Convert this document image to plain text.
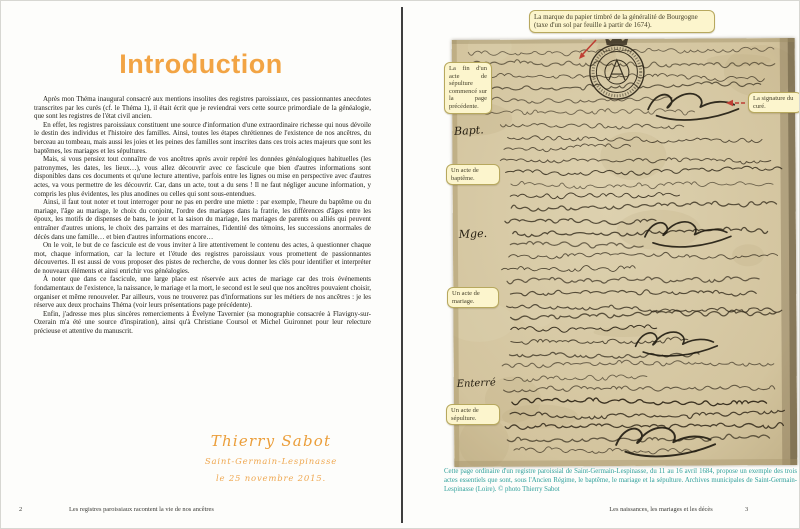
Introduction

Après mon Théma inaugural consacré aux mentions insolites des registres paroissiaux, ces passionnantes anecdotes transcrites par les curés (cf. le Théma 1), il était écrit que je reviendrai vers cette source primordiale de la généalogie, que sont les registres de l'état civil ancien.

En effet, les registres paroissiaux constituent une source d'information d'une extraordinaire richesse qui nous dévoile le destin des individus et l'histoire des familles. Ainsi, toutes les étapes chrétiennes de l'existence de nos ancêtres, du berceau au tombeau, mais aussi les joies et les peines des familles sont inscrites dans ces trois actes majeurs que sont les baptêmes, les mariages et les sépultures.

Mais, si vous pensiez tout connaître de vos ancêtres après avoir repéré les données généalogiques habituelles (les patronymes, les dates, les lieux…), vous allez découvrir avec ce fascicule que bien d'autres informations sont disponibles dans ces documents et qu'une lecture attentive, parfois entre les lignes ou mise en perspective avec d'autres actes, va vous permettre de les découvrir. Car, dans un acte, tout a du sens ! Il ne faut négliger aucune information, y compris les plus évidentes, les plus anodines ou celles qui sont sous-entendues.

Ainsi, il faut tout noter et tout interroger pour ne pas en perdre une miette : par exemple, l'heure du baptême ou du mariage, l'âge au mariage, le choix du conjoint, l'ordre des mariages dans la fratrie, les différences d'âges entre les époux, les motifs de dispenses de bans, le jour et la saison du mariage, les mariages de parents ou alliés qui peuvent entraîner d'autres unions, le choix des parrains et des marraines, l'identité des témoins, les successions anormales de décès dans une famille… et bien d'autres informations encore…

On le voit, le but de ce fascicule est de vous inviter à lire attentivement le contenu des actes, à questionner chaque mot, chaque information, car la lecture et l'étude des registres paroissiaux vous promettent de passionnantes découvertes. Il est aussi de vous proposer des pistes de recherche, de vous donner les clés pour identifier et interpréter de nouveaux éléments et ainsi enrichir vos généalogies.

À noter que dans ce fascicule, une large place est réservée aux actes de mariage car des trois événements fondamentaux de l'existence, la naissance, le mariage et la mort, le second est le seul que nos ancêtres pouvaient choisir, organiser et même renouveler. Par ailleurs, vous ne trouverez pas d'informations sur les métiers de nos ancêtres : je les réserve aux deux prochains Théma (voir leurs présentations page précédente).

Enfin, j'adresse mes plus sincères remerciements à Évelyne Tavernier (sa monographie consacrée à Flavigny-sur-Ozerain m'a été une source d'inspiration), ainsi qu'à Christiane Coursol et Michel Guironnet pour leur relecture précieuse et attentive du manuscrit.

Thierry Sabot
Saint-Germain-Lespinasse
le 25 novembre 2015.
2	Les registres paroissiaux racontent la vie de nos ancêtres
Bapt.
Mge.
Enterré
La marque du papier timbré de la généralité de Bourgogne (taxe d'un sol par feuille à partir de 1674).
La fin d'un acte de sépulture commencé sur la page précédente.
Un acte de baptême.
Un acte de mariage.
Un acte de sépulture.
La signature du curé.

Cette page ordinaire d'un registre paroissial de Saint-Germain-Lespinasse, du 11 au 16 avril 1684, propose un exemple des trois actes essentiels que sont, sous l'Ancien Régime, le baptême, le mariage et la sépulture. Archives municipales de Saint-Germain-Lespinasse (Loire). © photo Thierry Sabot

Les naissances, les mariages et les décès	3
